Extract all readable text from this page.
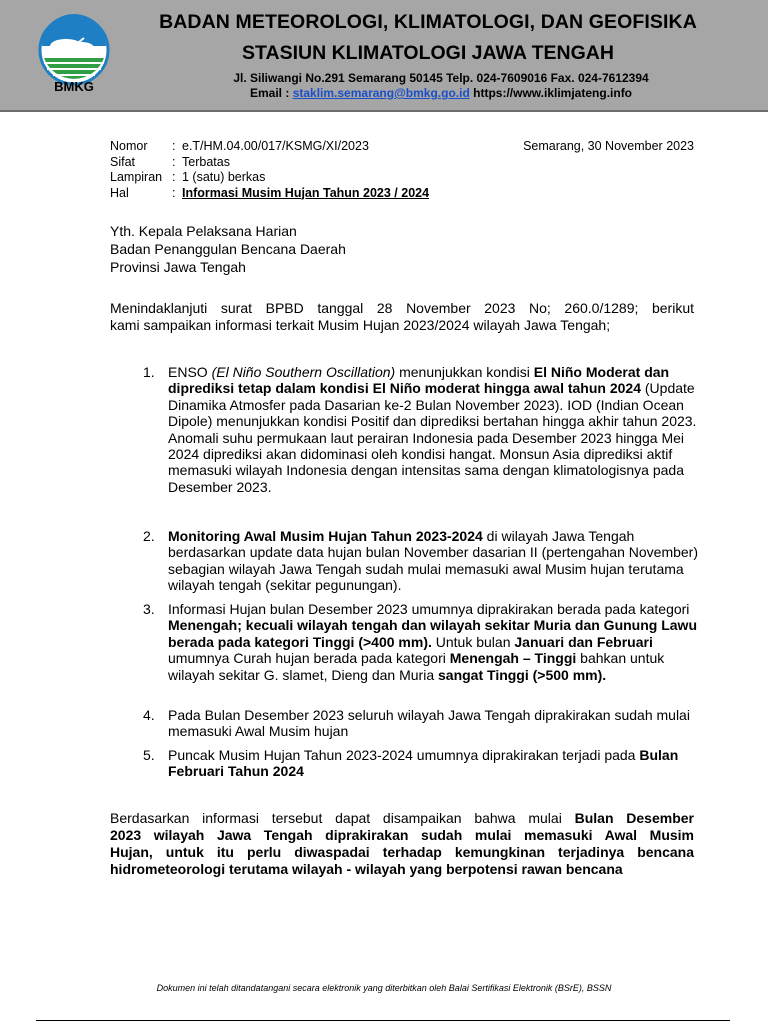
BMKG
BADAN METEOROLOGI, KLIMATOLOGI, DAN GEOFISIKA
STASIUN KLIMATOLOGI JAWA TENGAH
Jl. Siliwangi No.291 Semarang 50145 Telp. 024-7609016 Fax. 024-7612394
Email : staklim.semarang@bmkg.go.id https://www.iklimjateng.info
Nomor	: e.T/HM.04.00/017/KSMG/XI/2023
Sifat	: Terbatas
Lampiran : 1 (satu) berkas
Hal	: Informasi Musim Hujan Tahun 2023 / 2024
Semarang, 30 November 2023
Yth. Kepala Pelaksana Harian
Badan Penanggulan Bencana Daerah
Provinsi Jawa Tengah
Menindaklanjuti surat BPBD tanggal 28 November 2023 No; 260.0/1289; berikut
kami sampaikan informasi terkait Musim Hujan 2023/2024 wilayah Jawa Tengah;
1. ENSO (El Niño Southern Oscillation) menunjukkan kondisi El Niño Moderat dan diprediksi tetap dalam kondisi El Niño moderat hingga awal tahun 2024 (Update Dinamika Atmosfer pada Dasarian ke-2 Bulan November 2023). IOD (Indian Ocean Dipole) menunjukkan kondisi Positif dan diprediksi bertahan hingga akhir tahun 2023. Anomali suhu permukaan laut perairan Indonesia pada Desember 2023 hingga Mei 2024 diprediksi akan didominasi oleh kondisi hangat. Monsun Asia diprediksi aktif memasuki wilayah Indonesia dengan intensitas sama dengan klimatologisnya pada Desember 2023.
2. Monitoring Awal Musim Hujan Tahun 2023-2024 di wilayah Jawa Tengah berdasarkan update data hujan bulan November dasarian II (pertengahan November) sebagian wilayah Jawa Tengah sudah mulai memasuki awal Musim hujan terutama wilayah tengah (sekitar pegunungan).
3. Informasi Hujan bulan Desember 2023 umumnya diprakirakan berada pada kategori Menengah; kecuali wilayah tengah dan wilayah sekitar Muria dan Gunung Lawu berada pada kategori Tinggi (>400 mm). Untuk bulan Januari dan Februari umumnya Curah hujan berada pada kategori Menengah – Tinggi bahkan untuk wilayah sekitar G. slamet, Dieng dan Muria sangat Tinggi (>500 mm).
4. Pada Bulan Desember 2023 seluruh wilayah Jawa Tengah diprakirakan sudah mulai memasuki Awal Musim hujan
5. Puncak Musim Hujan Tahun 2023-2024 umumnya diprakirakan terjadi pada Bulan Februari Tahun 2024
Berdasarkan informasi tersebut dapat disampaikan bahwa mulai Bulan Desember
2023 wilayah Jawa Tengah diprakirakan sudah mulai memasuki Awal Musim
Hujan, untuk itu perlu diwaspadai terhadap kemungkinan terjadinya bencana
hidrometeorologi terutama wilayah - wilayah yang berpotensi rawan bencana
Dokumen ini telah ditandatangani secara elektronik yang diterbitkan oleh Balai Sertifikasi Elektronik (BSrE), BSSN
